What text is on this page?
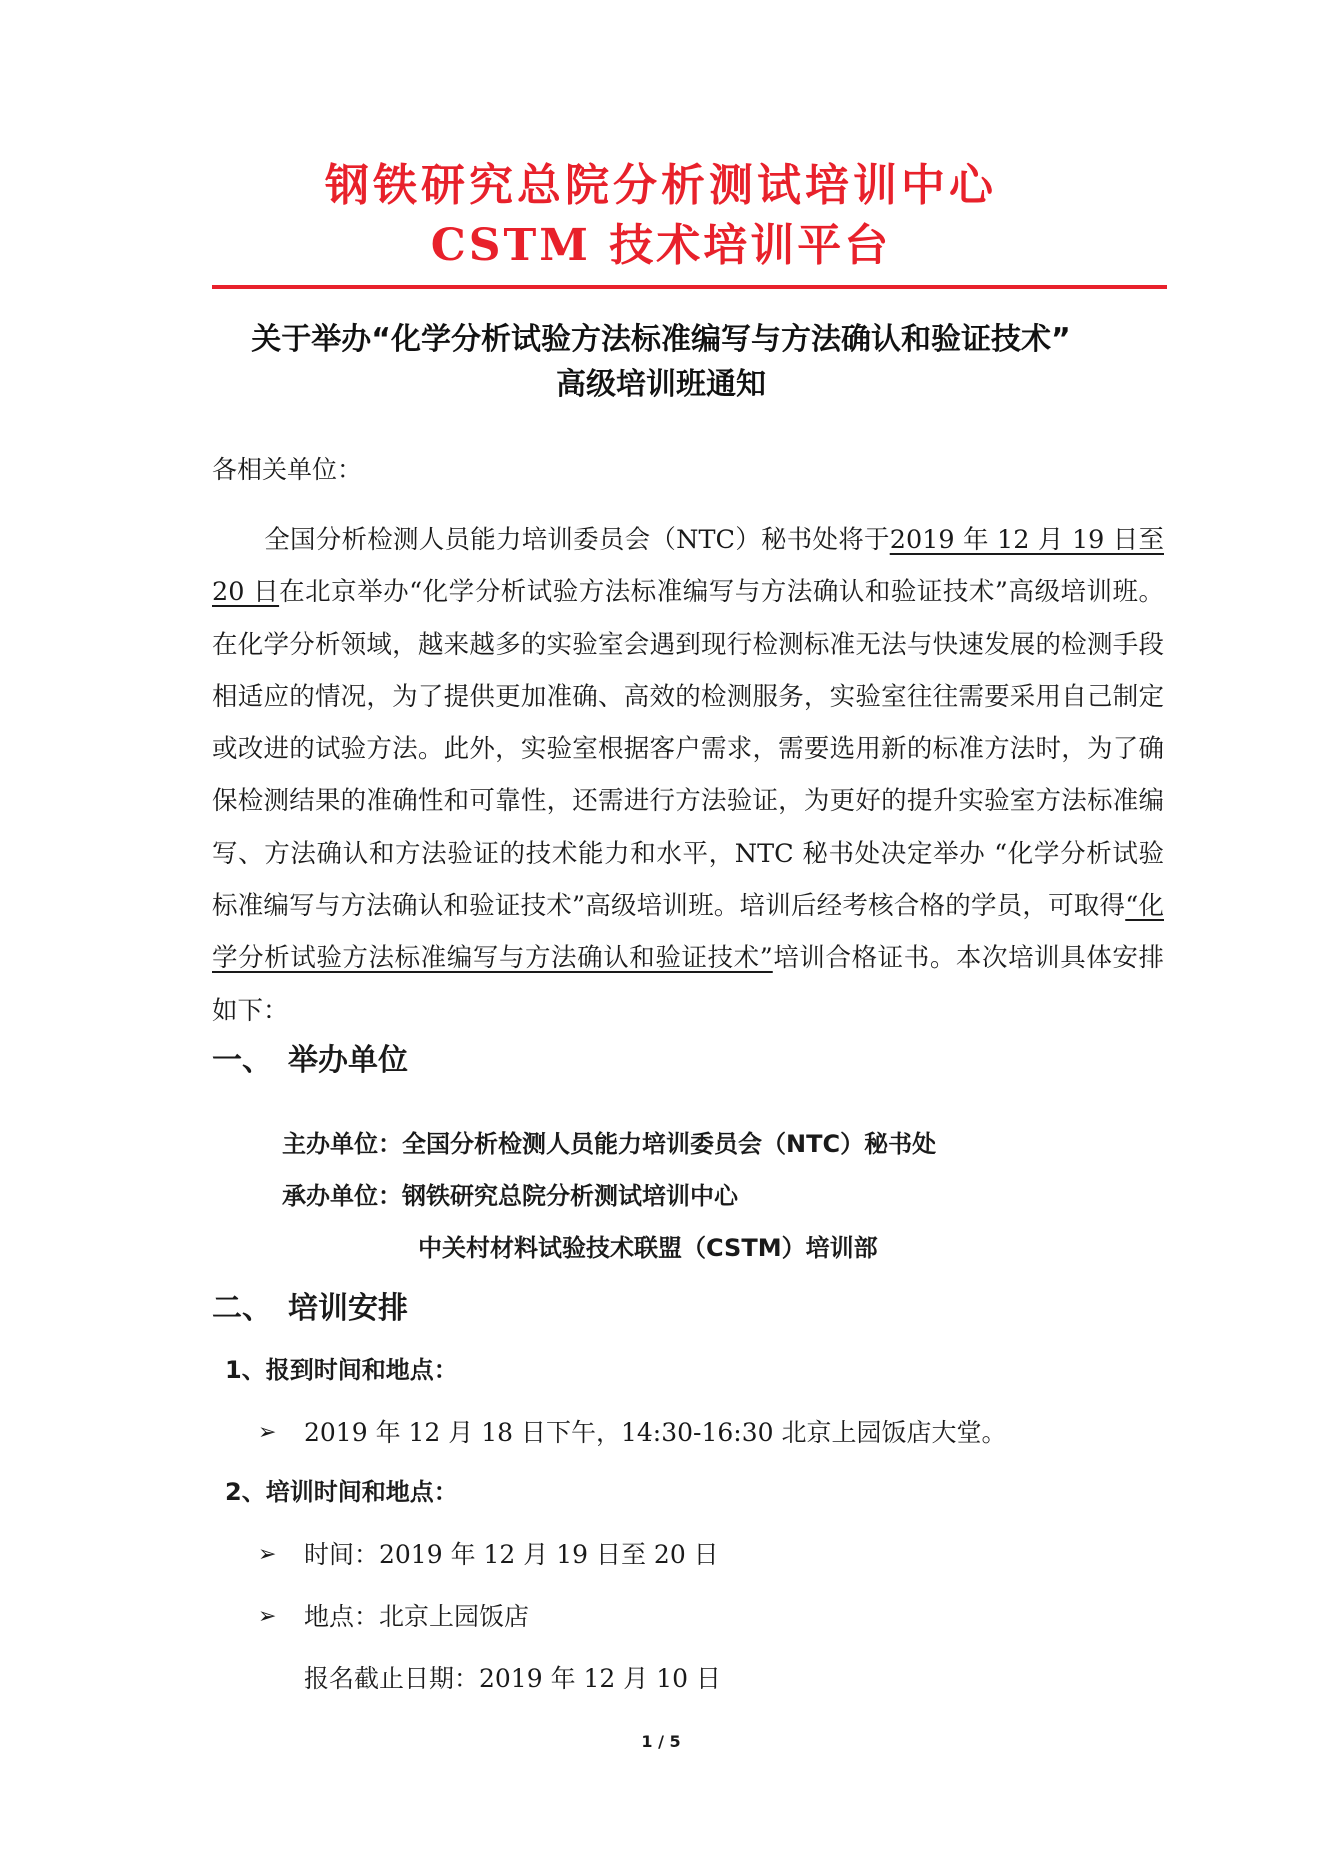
钢铁研究总院分析测试培训中心
CSTM 技术培训平台
关于举办“化学分析试验方法标准编写与方法确认和验证技术”
高级培训班通知
各相关单位：
全国分析检测人员能力培训委员会（NTC）秘书处将于2019 年 12 月 19 日至 20 日在北京举办“化学分析试验方法标准编写与方法确认和验证技术”高级培训班。在化学分析领域，越来越多的实验室会遇到现行检测标准无法与快速发展的检测手段相适应的情况，为了提供更加准确、高效的检测服务，实验室往往需要采用自己制定或改进的试验方法。此外，实验室根据客户需求，需要选用新的标准方法时，为了确保检测结果的准确性和可靠性，还需进行方法验证，为更好的提升实验室方法标准编写、方法确认和方法验证的技术能力和水平，NTC 秘书处决定举办 “化学分析试验标准编写与方法确认和验证技术”高级培训班。培训后经考核合格的学员，可取得“化学分析试验方法标准编写与方法确认和验证技术”培训合格证书。本次培训具体安排如下：
一、 举办单位
主办单位：全国分析检测人员能力培训委员会（NTC）秘书处
承办单位：钢铁研究总院分析测试培训中心
中关村材料试验技术联盟（CSTM）培训部
二、 培训安排
1、报到时间和地点：
➢	2019 年 12 月 18 日下午，14:30-16:30 北京上园饭店大堂。
2、培训时间和地点：
➢	时间：2019 年 12 月 19 日至 20 日
➢	地点：北京上园饭店
报名截止日期：2019 年 12 月 10 日
1 / 5
